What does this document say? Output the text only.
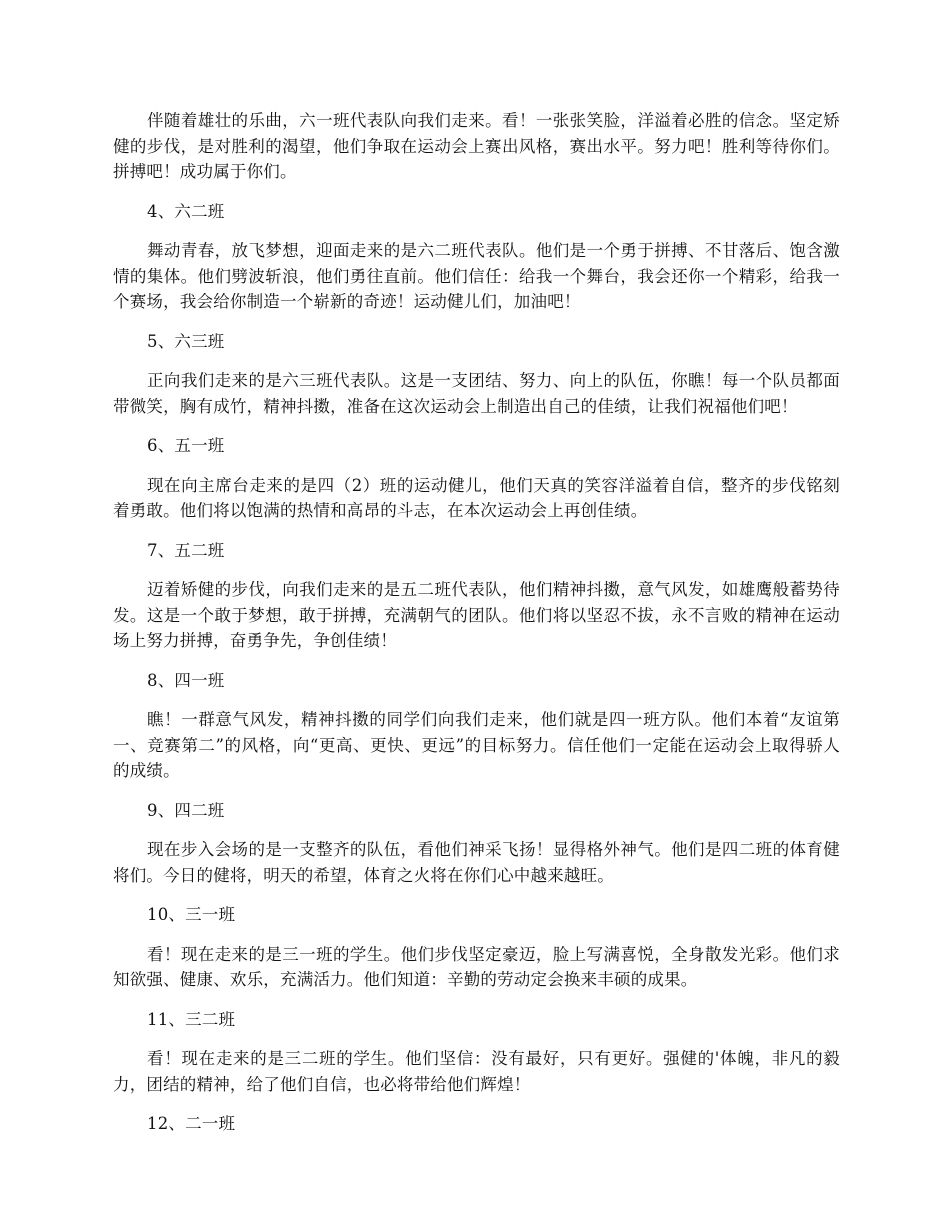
伴随着雄壮的乐曲，六一班代表队向我们走来。看！一张张笑脸，洋溢着必胜的信念。坚定矫健的步伐，是对胜利的渴望，他们争取在运动会上赛出风格，赛出水平。努力吧！胜利等待你们。拼搏吧！成功属于你们。

4、六二班

舞动青春，放飞梦想，迎面走来的是六二班代表队。他们是一个勇于拼搏、不甘落后、饱含激情的集体。他们劈波斩浪，他们勇往直前。他们信任：给我一个舞台，我会还你一个精彩，给我一个赛场，我会给你制造一个崭新的奇迹！运动健儿们，加油吧！

5、六三班

正向我们走来的是六三班代表队。这是一支团结、努力、向上的队伍，你瞧！每一个队员都面带微笑，胸有成竹，精神抖擞，准备在这次运动会上制造出自己的佳绩，让我们祝福他们吧！

6、五一班

现在向主席台走来的是四（2）班的运动健儿，他们天真的笑容洋溢着自信，整齐的步伐铭刻着勇敢。他们将以饱满的热情和高昂的斗志，在本次运动会上再创佳绩。

7、五二班

迈着矫健的步伐，向我们走来的是五二班代表队，他们精神抖擞，意气风发，如雄鹰般蓄势待发。这是一个敢于梦想，敢于拼搏，充满朝气的团队。他们将以坚忍不拔，永不言败的精神在运动场上努力拼搏，奋勇争先，争创佳绩！

8、四一班

瞧！一群意气风发，精神抖擞的同学们向我们走来，他们就是四一班方队。他们本着“友谊第一、竞赛第二”的风格，向“更高、更快、更远”的目标努力。信任他们一定能在运动会上取得骄人的成绩。

9、四二班

现在步入会场的是一支整齐的队伍，看他们神采飞扬！显得格外神气。他们是四二班的体育健将们。今日的健将，明天的希望，体育之火将在你们心中越来越旺。

10、三一班

看！现在走来的是三一班的学生。他们步伐坚定豪迈，脸上写满喜悦，全身散发光彩。他们求知欲强、健康、欢乐，充满活力。他们知道：辛勤的劳动定会换来丰硕的成果。

11、三二班

看！现在走来的是三二班的学生。他们坚信：没有最好，只有更好。强健的'体魄，非凡的毅力，团结的精神，给了他们自信，也必将带给他们辉煌！

12、二一班
